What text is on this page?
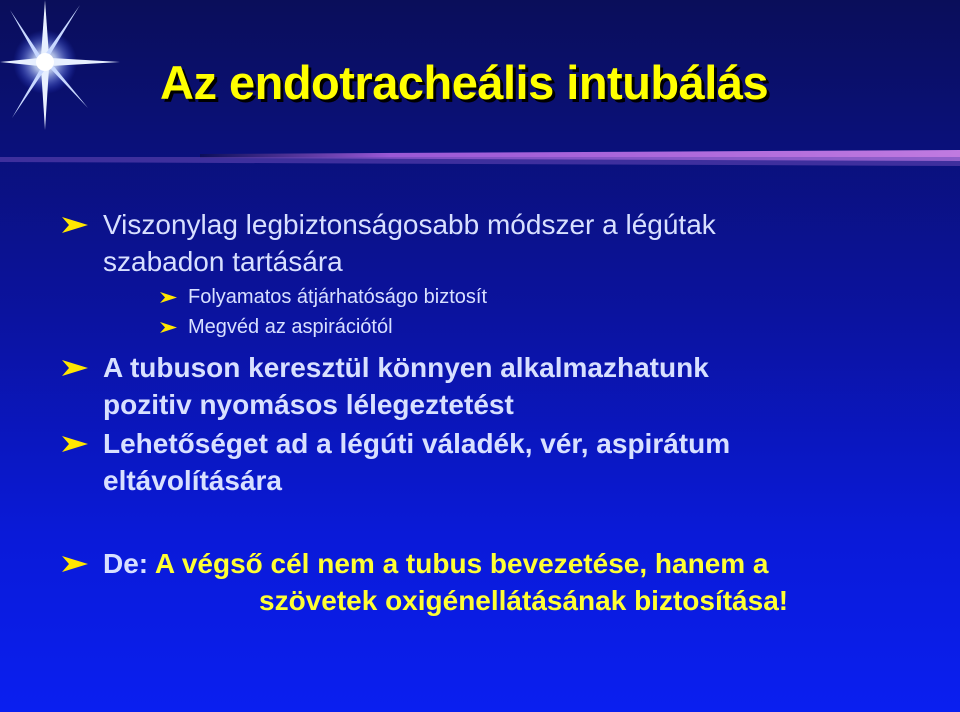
Az endotracheális intubálás
Viszonylag legbiztonságosabb módszer a légútak
szabadon tartására
Folyamatos átjárhatóságo biztosít
Megvéd az aspirációtól
A tubuson keresztül könnyen alkalmazhatunk
pozitiv nyomásos lélegeztetést
Lehetőséget ad a légúti váladék, vér, aspirátum
eltávolítására
De: A végső cél nem a tubus bevezetése, hanem a
szövetek oxigénellátásának biztosítása!
